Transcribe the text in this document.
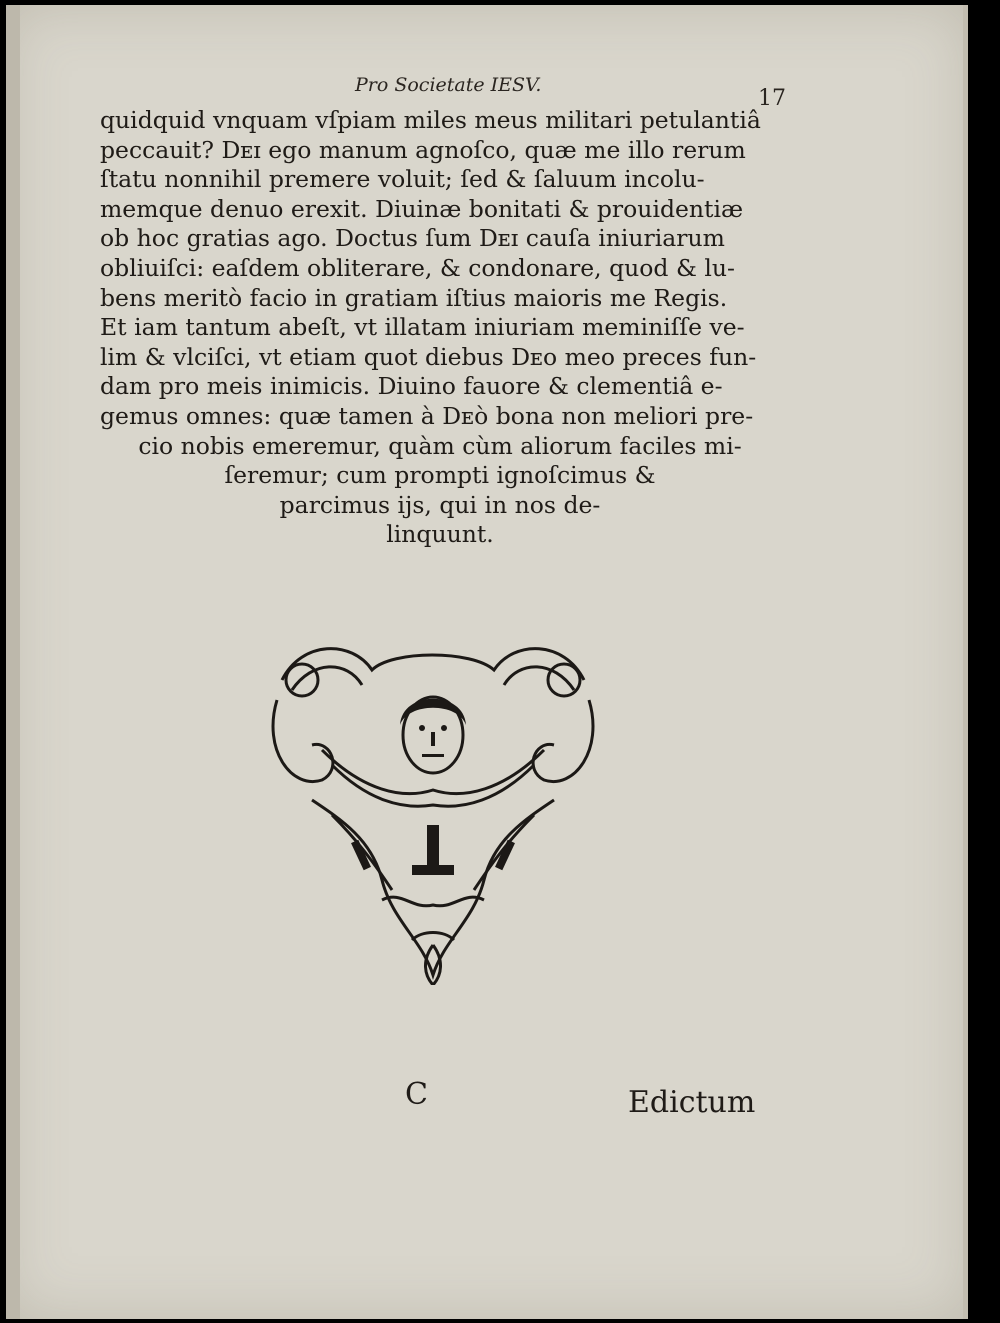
Pro Societate IESV.
17
quidquid vnquam vſpiam miles meus militari petulantiâ
peccauit? Dᴇɪ ego manum agnoſco, quæ me illo rerum
ſtatu nonnihil premere voluit; ſed & ſaluum incolu-
memque denuo erexit. Diuinæ bonitati & prouidentiæ
ob hoc gratias ago. Doctus ſum Dᴇɪ cauſa iniuriarum
obliuiſci: eaſdem obliterare, & condonare, quod & lu-
bens meritò facio in gratiam iſtius maioris me Regis.
Et iam tantum abeſt, vt illatam iniuriam meminiſſe ve-
lim & vlciſci, vt etiam quot diebus Dᴇo meo preces fun-
dam pro meis inimicis. Diuino fauore & clementiâ e-
gemus omnes: quæ tamen à Dᴇò bona non meliori pre-
cio nobis emeremur, quàm cùm aliorum faciles mi-
ſeremur; cum prompti ignoſcimus &
parcimus ijs, qui in nos de-
linquunt.
C	Edictum
